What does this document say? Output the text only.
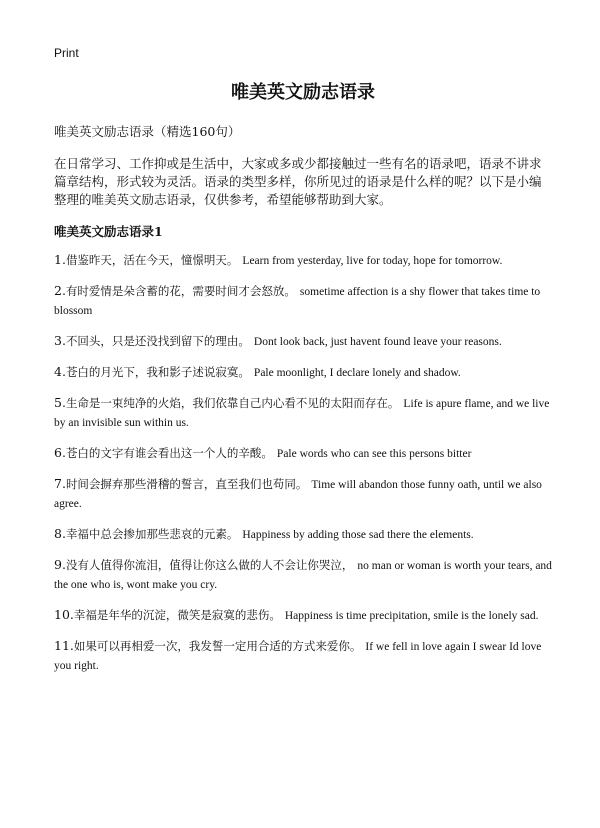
Print
唯美英文励志语录

唯美英文励志语录（精选160句）

在日常学习、工作抑或是生活中，大家或多或少都接触过一些有名的语录吧，语录不讲求篇章结构，形式较为灵活。语录的类型多样，你所见过的语录是什么样的呢？以下是小编整理的唯美英文励志语录，仅供参考，希望能够帮助到大家。

唯美英文励志语录1
1.借鉴昨天，活在今天，憧憬明天。 Learn from yesterday, live for today, hope for tomorrow.
2.有时爱情是朵含蓄的花，需要时间才会怒放。 sometime affection is a shy flower that takes time to blossom
3.不回头，只是还没找到留下的理由。 Dont look back, just havent found leave your reasons.
4.苍白的月光下，我和影子述说寂寞。 Pale moonlight, I declare lonely and shadow.
5.生命是一束纯净的火焰，我们依靠自己内心看不见的太阳而存在。 Life is apure flame, and we live by an invisible sun within us.
6.苍白的文字有谁会看出这一个人的辛酸。 Pale words who can see this persons bitter
7.时间会摒弃那些滑稽的誓言，直至我们也苟同。 Time will abandon those funny oath, until we also agree.
8.幸福中总会掺加那些悲哀的元素。 Happiness by adding those sad there the elements.
9.没有人值得你流泪，值得让你这么做的人不会让你哭泣， no man or woman is worth your tears, and the one who is, wont make you cry.
10.幸福是年华的沉淀，微笑是寂寞的悲伤。 Happiness is time precipitation, smile is the lonely sad.
11.如果可以再相爱一次，我发誓一定用合适的方式来爱你。 If we fell in love again I swear Id love you right.
